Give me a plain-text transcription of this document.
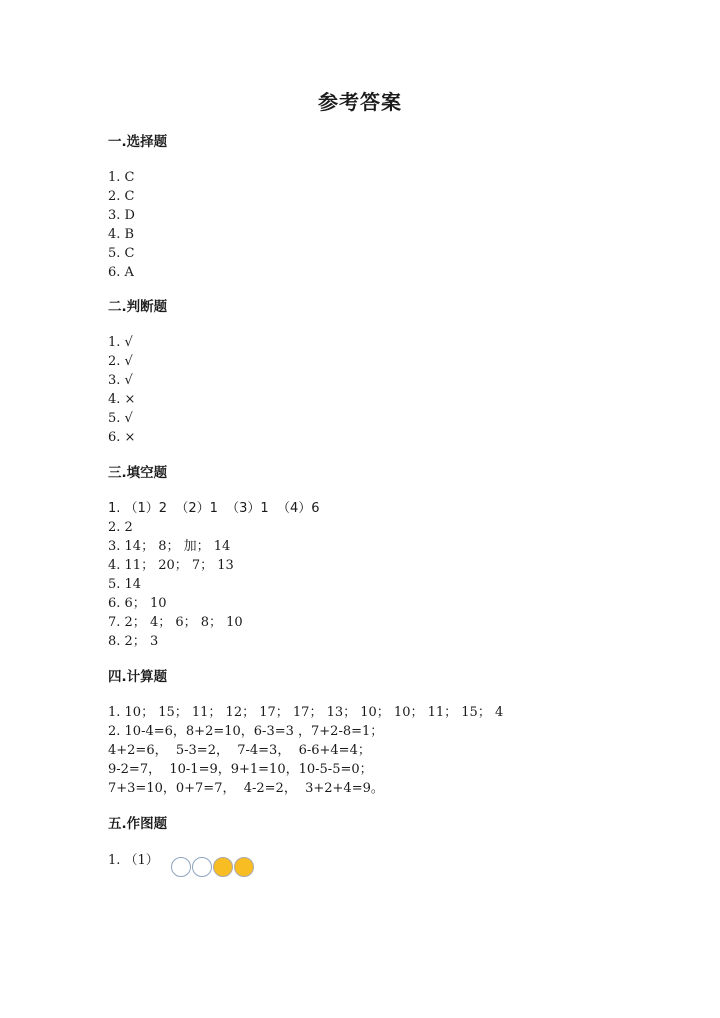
参考答案
一.选择题
1. C
2. C
3. D
4. B
5. C
6. A
二.判断题
1. √
2. √
3. √
4. ×
5. √
6. ×
三.填空题
1. （1）2  （2）1  （3）1  （4）6
2. 2
3. 14； 8； 加； 14
4. 11； 20； 7； 13
5. 14
6. 6； 10
7. 2； 4； 6； 8； 10
8. 2； 3
四.计算题
1. 10； 15； 11； 12； 17； 17； 13； 10； 10； 11； 15； 4
2. 10-4=6，8+2=10，6-3=3 ，7+2-8=1；
4+2=6，  5-3=2，  7-4=3，  6-6+4=4；
9-2=7，  10-1=9，9+1=10，10-5-5=0；
7+3=10，0+7=7，  4-2=2，  3+2+4=9。
五.作图题
1. （1）
